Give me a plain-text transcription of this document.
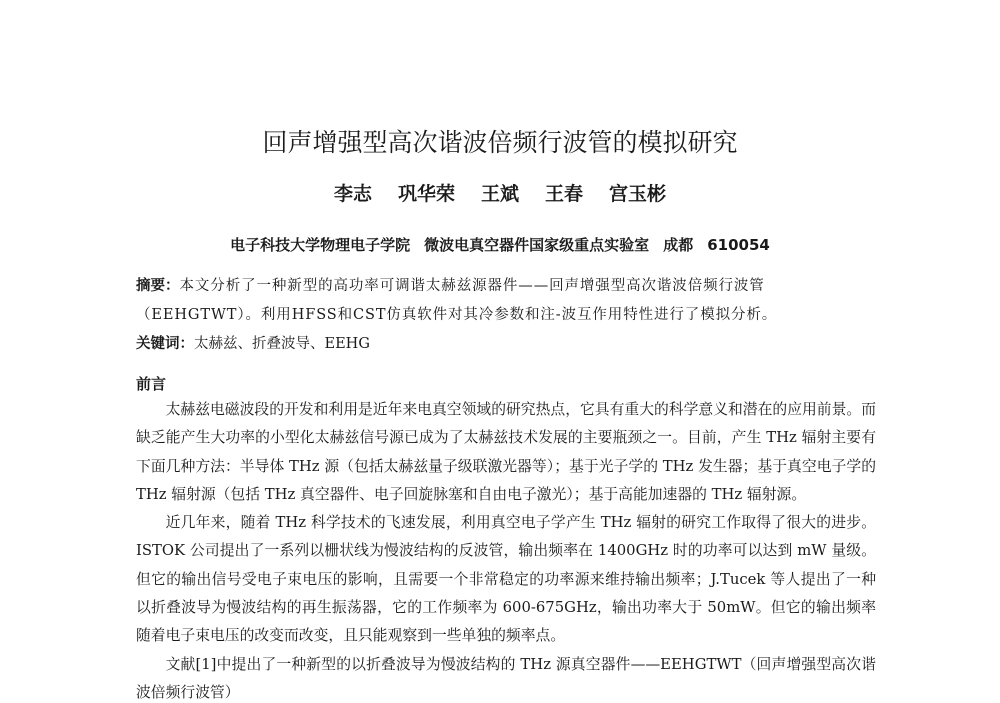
回声增强型高次谐波倍频行波管的模拟研究
李志 巩华荣 王斌 王春 宫玉彬
电子科技大学物理电子学院 微波电真空器件国家级重点实验室 成都 610054
摘要：本文分析了一种新型的高功率可调谐太赫兹源器件——回声增强型高次谐波倍频行波管（EEHGTWT）。利用HFSS和CST仿真软件对其冷参数和注-波互作用特性进行了模拟分析。
关键词：太赫兹、折叠波导、EEHG
前言

太赫兹电磁波段的开发和利用是近年来电真空领域的研究热点，它具有重大的科学意义和潜在的应用前景。而缺乏能产生大功率的小型化太赫兹信号源已成为了太赫兹技术发展的主要瓶颈之一。目前，产生 THz 辐射主要有下面几种方法：半导体 THz 源（包括太赫兹量子级联激光器等）；基于光子学的 THz 发生器；基于真空电子学的 THz 辐射源（包括 THz 真空器件、电子回旋脉塞和自由电子激光）；基于高能加速器的 THz 辐射源。

近几年来，随着 THz 科学技术的飞速发展，利用真空电子学产生 THz 辐射的研究工作取得了很大的进步。ISTOK 公司提出了一系列以栅状线为慢波结构的反波管，输出频率在 1400GHz 时的功率可以达到 mW 量级。但它的输出信号受电子束电压的影响，且需要一个非常稳定的功率源来维持输出频率；J.Tucek 等人提出了一种以折叠波导为慢波结构的再生振荡器，它的工作频率为 600-675GHz，输出功率大于 50mW。但它的输出频率随着电子束电压的改变而改变，且只能观察到一些单独的频率点。

文献[1]中提出了一种新型的以折叠波导为慢波结构的 THz 源真空器件——EEHGTWT（回声增强型高次谐波倍频行波管）
